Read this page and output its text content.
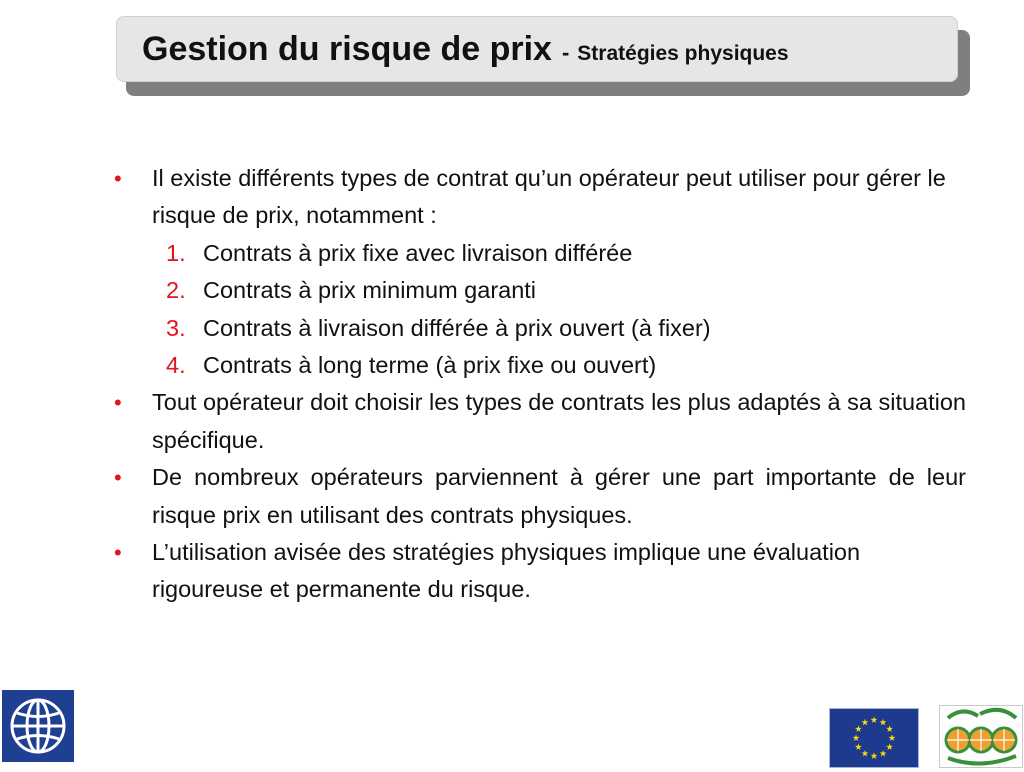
Gestion du risque de prix - Stratégies physiques
• Il existe différents types de contrat qu’un opérateur peut utiliser pour gérer le risque de prix, notamment :
1. Contrats à prix fixe avec livraison différée
2. Contrats à prix minimum garanti
3. Contrats à livraison différée à prix ouvert (à fixer)
4. Contrats à long terme (à prix fixe ou ouvert)
• Tout opérateur doit choisir les types de contrats les plus adaptés à sa situation spécifique.
• De nombreux opérateurs parviennent à gérer une part importante de leur risque prix en utilisant des contrats physiques.
• L’utilisation avisée des stratégies physiques implique une évaluation rigoureuse et permanente du risque.
